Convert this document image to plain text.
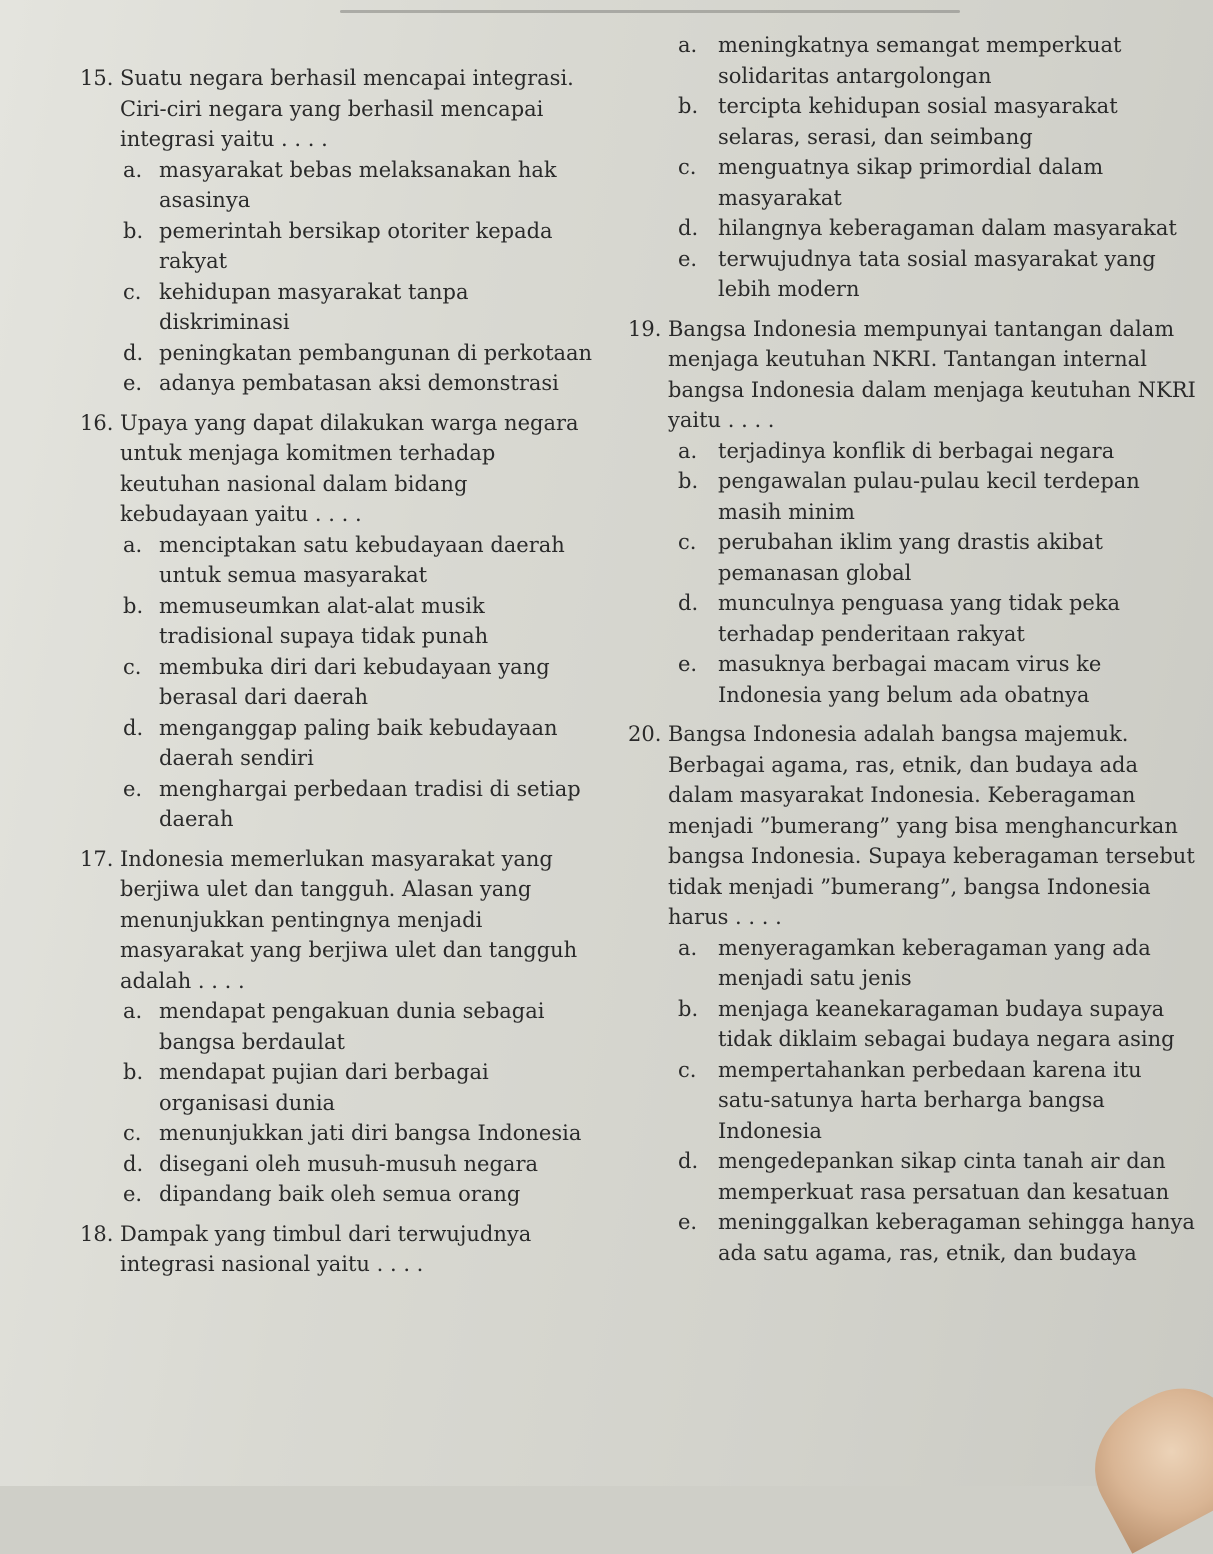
15. Suatu negara berhasil mencapai integrasi. Ciri-ciri negara yang berhasil mencapai integrasi yaitu . . . .
a. masyarakat bebas melaksanakan hak asasinya
b. pemerintah bersikap otoriter kepada rakyat
c. kehidupan masyarakat tanpa diskriminasi
d. peningkatan pembangunan di perkotaan
e. adanya pembatasan aksi demonstrasi
16. Upaya yang dapat dilakukan warga negara untuk menjaga komitmen terhadap keutuhan nasional dalam bidang kebudayaan yaitu . . . .
a. menciptakan satu kebudayaan daerah untuk semua masyarakat
b. memuseumkan alat-alat musik tradisional supaya tidak punah
c. membuka diri dari kebudayaan yang berasal dari daerah
d. menganggap paling baik kebudayaan daerah sendiri
e. menghargai perbedaan tradisi di setiap daerah
17. Indonesia memerlukan masyarakat yang berjiwa ulet dan tangguh. Alasan yang menunjukkan pentingnya menjadi masyarakat yang berjiwa ulet dan tangguh adalah . . . .
a. mendapat pengakuan dunia sebagai bangsa berdaulat
b. mendapat pujian dari berbagai organisasi dunia
c. menunjukkan jati diri bangsa Indonesia
d. disegani oleh musuh-musuh negara
e. dipandang baik oleh semua orang
18. Dampak yang timbul dari terwujudnya integrasi nasional yaitu . . . .
a. meningkatnya semangat memperkuat solidaritas antargolongan
b. tercipta kehidupan sosial masyarakat selaras, serasi, dan seimbang
c.	menguatnya sikap primordial dalam masyarakat
d. hilangnya keberagaman dalam masyarakat
e. terwujudnya tata sosial masyarakat yang lebih modern
19. Bangsa Indonesia mempunyai tantangan dalam menjaga keutuhan NKRI. Tantangan internal bangsa Indonesia dalam menjaga keutuhan NKRI yaitu . . . .
a. terjadinya konflik di berbagai negara
b. pengawalan pulau-pulau kecil terdepan masih minim
c.	perubahan iklim yang drastis akibat pemanasan global
d. munculnya penguasa yang tidak peka terhadap penderitaan rakyat
e. masuknya berbagai macam virus ke Indonesia yang belum ada obatnya
20. Bangsa Indonesia adalah bangsa majemuk. Berbagai agama, ras, etnik, dan budaya ada dalam masyarakat Indonesia. Keberagaman menjadi ”bumerang” yang bisa menghancurkan bangsa Indonesia. Supaya keberagaman tersebut tidak menjadi ”bumerang”, bangsa Indonesia harus . . . .
a. menyeragamkan keberagaman yang ada menjadi satu jenis
b. menjaga keanekaragaman budaya supaya tidak diklaim sebagai budaya negara asing
c.	mempertahankan perbedaan karena itu satu-satunya harta berharga bangsa Indonesia
d. mengedepankan sikap cinta tanah air dan memperkuat rasa persatuan dan kesatuan
e. meninggalkan keberagaman sehingga hanya ada satu agama, ras, etnik, dan budaya
